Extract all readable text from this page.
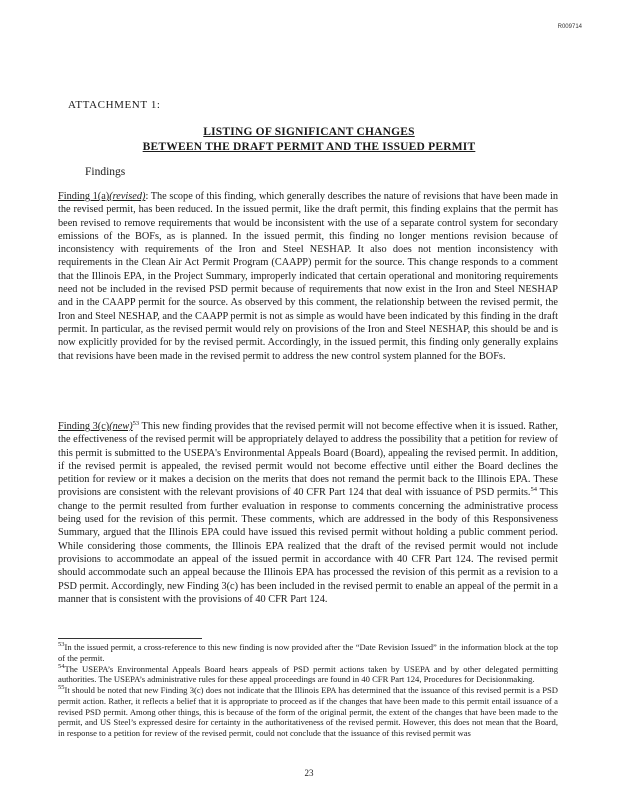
R009714
ATTACHMENT 1:
LISTING OF SIGNIFICANT CHANGES
BETWEEN THE DRAFT PERMIT AND THE ISSUED PERMIT
Findings

Finding 1(a)(revised): The scope of this finding, which generally describes the nature of revisions that have been made in the revised permit, has been reduced. In the issued permit, like the draft permit, this finding explains that the permit has been revised to remove requirements that would be inconsistent with the use of a separate control system for secondary emissions of the BOFs, as is planned. In the issued permit, this finding no longer mentions revision because of inconsistency with requirements of the Iron and Steel NESHAP. It also does not mention inconsistency with requirements in the Clean Air Act Permit Program (CAAPP) permit for the source. This change responds to a comment that the Illinois EPA, in the Project Summary, improperly indicated that certain operational and monitoring requirements need not be included in the revised PSD permit because of requirements that now exist in the Iron and Steel NESHAP and in the CAAPP permit for the source. As observed by this comment, the relationship between the revised permit, the Iron and Steel NESHAP, and the CAAPP permit is not as simple as would have been indicated by this finding in the draft permit. In particular, as the revised permit would rely on provisions of the Iron and Steel NESHAP, this should be and is now explicitly provided for by the revised permit. Accordingly, in the issued permit, this finding only generally explains that revisions have been made in the revised permit to address the new control system planned for the BOFs.

Finding 3(c)(new)$^{53}$ This new finding provides that the revised permit will not become effective when it is issued. Rather, the effectiveness of the revised permit will be appropriately delayed to address the possibility that a petition for review of this permit is submitted to the USEPA's Environmental Appeals Board (Board), appealing the revised permit. In addition, if the revised permit is appealed, the revised permit would not become effective until either the Board declines the petition for review or it makes a decision on the merits that does not remand the permit back to the Illinois EPA. These provisions are consistent with the relevant provisions of 40 CFR Part 124 that deal with issuance of PSD permits.$^{54}$ This change to the permit resulted from further evaluation in response to comments concerning the administrative process being used for the revision of this permit. These comments, which are addressed in the body of this Responsiveness Summary, argued that the Illinois EPA could have issued this revised permit without holding a public comment period. While considering those comments, the Illinois EPA realized that the draft of the revised permit would not include provisions to accommodate an appeal of the issued permit in accordance with 40 CFR Part 124. The revised permit should accommodate such an appeal because the Illinois EPA has processed the revision of this permit as a revision to a PSD permit. Accordingly, new Finding 3(c) has been included in the revised permit to enable an appeal of the permit in a manner that is consistent with the provisions of 40 CFR Part 124.

$^{53}$In the issued permit, a cross-reference to this new finding is now provided after the “Date Revision Issued” in the information block at the top of the permit.

$^{54}$The USEPA’s Environmental Appeals Board hears appeals of PSD permit actions taken by USEPA and by other delegated permitting authorities. The USEPA’s administrative rules for these appeal proceedings are found in 40 CFR Part 124, Procedures for Decisionmaking.

$^{55}$It should be noted that new Finding 3(c) does not indicate that the Illinois EPA has determined that the issuance of this revised permit is a PSD permit action. Rather, it reflects a belief that it is appropriate to proceed as if the changes that have been made to this permit entail issuance of a revised PSD permit. Among other things, this is because of the form of the original permit, the extent of the changes that have been made to the permit, and US Steel’s expressed desire for certainty in the authoritativeness of the revised permit. However, this does not mean that the Board, in response to a petition for review of the revised permit, could not conclude that the issuance of this revised permit was

23
